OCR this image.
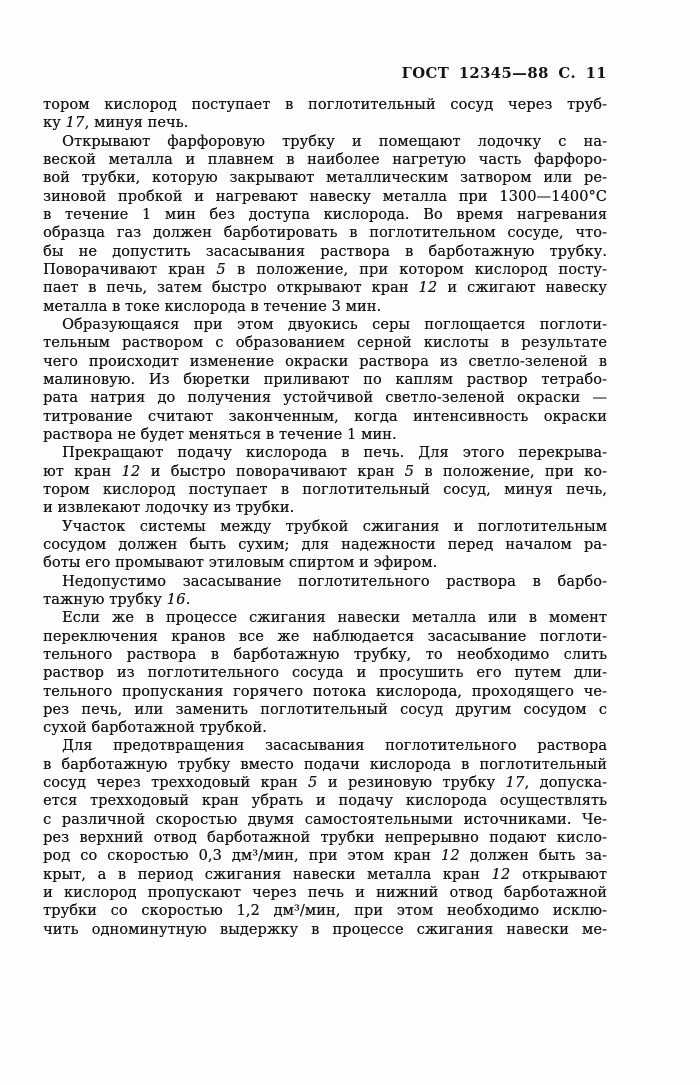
ГОСТ 12345—88 С. 11
тором кислород поступает в поглотительный сосуд через труб-
ку 17, минуя печь.
Открывают фарфоровую трубку и помещают лодочку с на-
веской металла и плавнем в наиболее нагретую часть фарфоро-
вой трубки, которую закрывают металлическим затвором или ре-
зиновой пробкой и нагревают навеску металла при 1300—1400°С
в течение 1 мин без доступа кислорода. Во время нагревания
образца газ должен барботировать в поглотительном сосуде, что-
бы не допустить засасывания раствора в барботажную трубку.
Поворачивают кран 5 в положение, при котором кислород посту-
пает в печь, затем быстро открывают кран 12 и сжигают навеску
металла в токе кислорода в течение 3 мин.
Образующаяся при этом двуокись серы поглощается поглоти-
тельным раствором с образованием серной кислоты в результате
чего происходит изменение окраски раствора из светло-зеленой в
малиновую. Из бюретки приливают по каплям раствор тетрабо-
рата натрия до получения устойчивой светло-зеленой окраски —
титрование считают законченным, когда интенсивность окраски
раствора не будет меняться в течение 1 мин.
Прекращают подачу кислорода в печь. Для этого перекрыва-
ют кран 12 и быстро поворачивают кран 5 в положение, при ко-
тором кислород поступает в поглотительный сосуд, минуя печь,
и извлекают лодочку из трубки.
Участок системы между трубкой сжигания и поглотительным
сосудом должен быть сухим; для надежности перед началом ра-
боты его промывают этиловым спиртом и эфиром.
Недопустимо засасывание поглотительного раствора в барбо-
тажную трубку 16.
Если же в процессе сжигания навески металла или в момент
переключения кранов все же наблюдается засасывание поглоти-
тельного раствора в барботажную трубку, то необходимо слить
раствор из поглотительного сосуда и просушить его путем дли-
тельного пропускания горячего потока кислорода, проходящего че-
рез печь, или заменить поглотительный сосуд другим сосудом с
сухой барботажной трубкой.
Для предотвращения засасывания поглотительного раствора
в барботажную трубку вместо подачи кислорода в поглотительный
сосуд через трехходовый кран 5 и резиновую трубку 17, допуска-
ется трехходовый кран убрать и подачу кислорода осуществлять
с различной скоростью двумя самостоятельными источниками. Че-
рез верхний отвод барботажной трубки непрерывно подают кисло-
род со скоростью 0,3 дм³/мин, при этом кран 12 должен быть за-
крыт, а в период сжигания навески металла кран 12 открывают
и кислород пропускают через печь и нижний отвод барботажной
трубки со скоростью 1,2 дм³/мин, при этом необходимо исклю-
чить одноминутную выдержку в процессе сжигания навески ме-
